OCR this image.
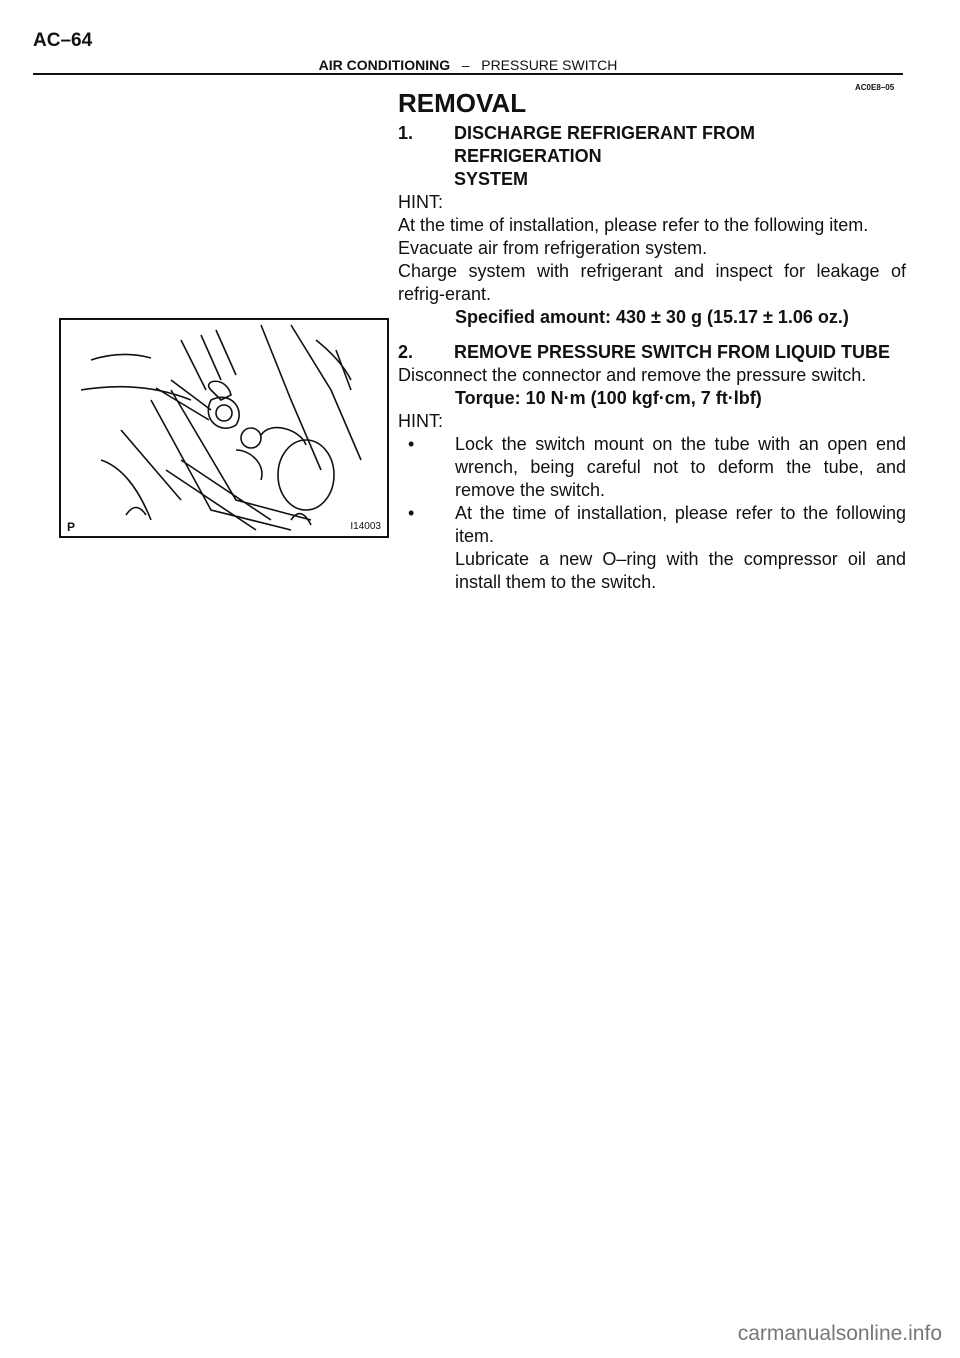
AC–64
AIR CONDITIONING – PRESSURE SWITCH
AC0E8–05
P	I14003
REMOVAL
1.	DISCHARGE REFRIGERANT FROM REFRIGERATION
SYSTEM

HINT:

At the time of installation, please refer to the following item.

Evacuate air from refrigeration system.

Charge system with refrigerant and inspect for leakage of refrig-erant.

Specified amount: 430 ± 30 g (15.17 ± 1.06 oz.)

2.	REMOVE PRESSURE SWITCH FROM LIQUID TUBE

Disconnect the connector and remove the pressure switch.

Torque: 10 N·m (100 kgf·cm, 7 ft·lbf)

HINT:

•	Lock the switch mount on the tube with an open end wrench, being careful not to deform the tube, and remove the switch.
•	At the time of installation, please refer to the following item.

Lubricate a new O–ring with the compressor oil and install them to the switch.

carmanualsonline.info
